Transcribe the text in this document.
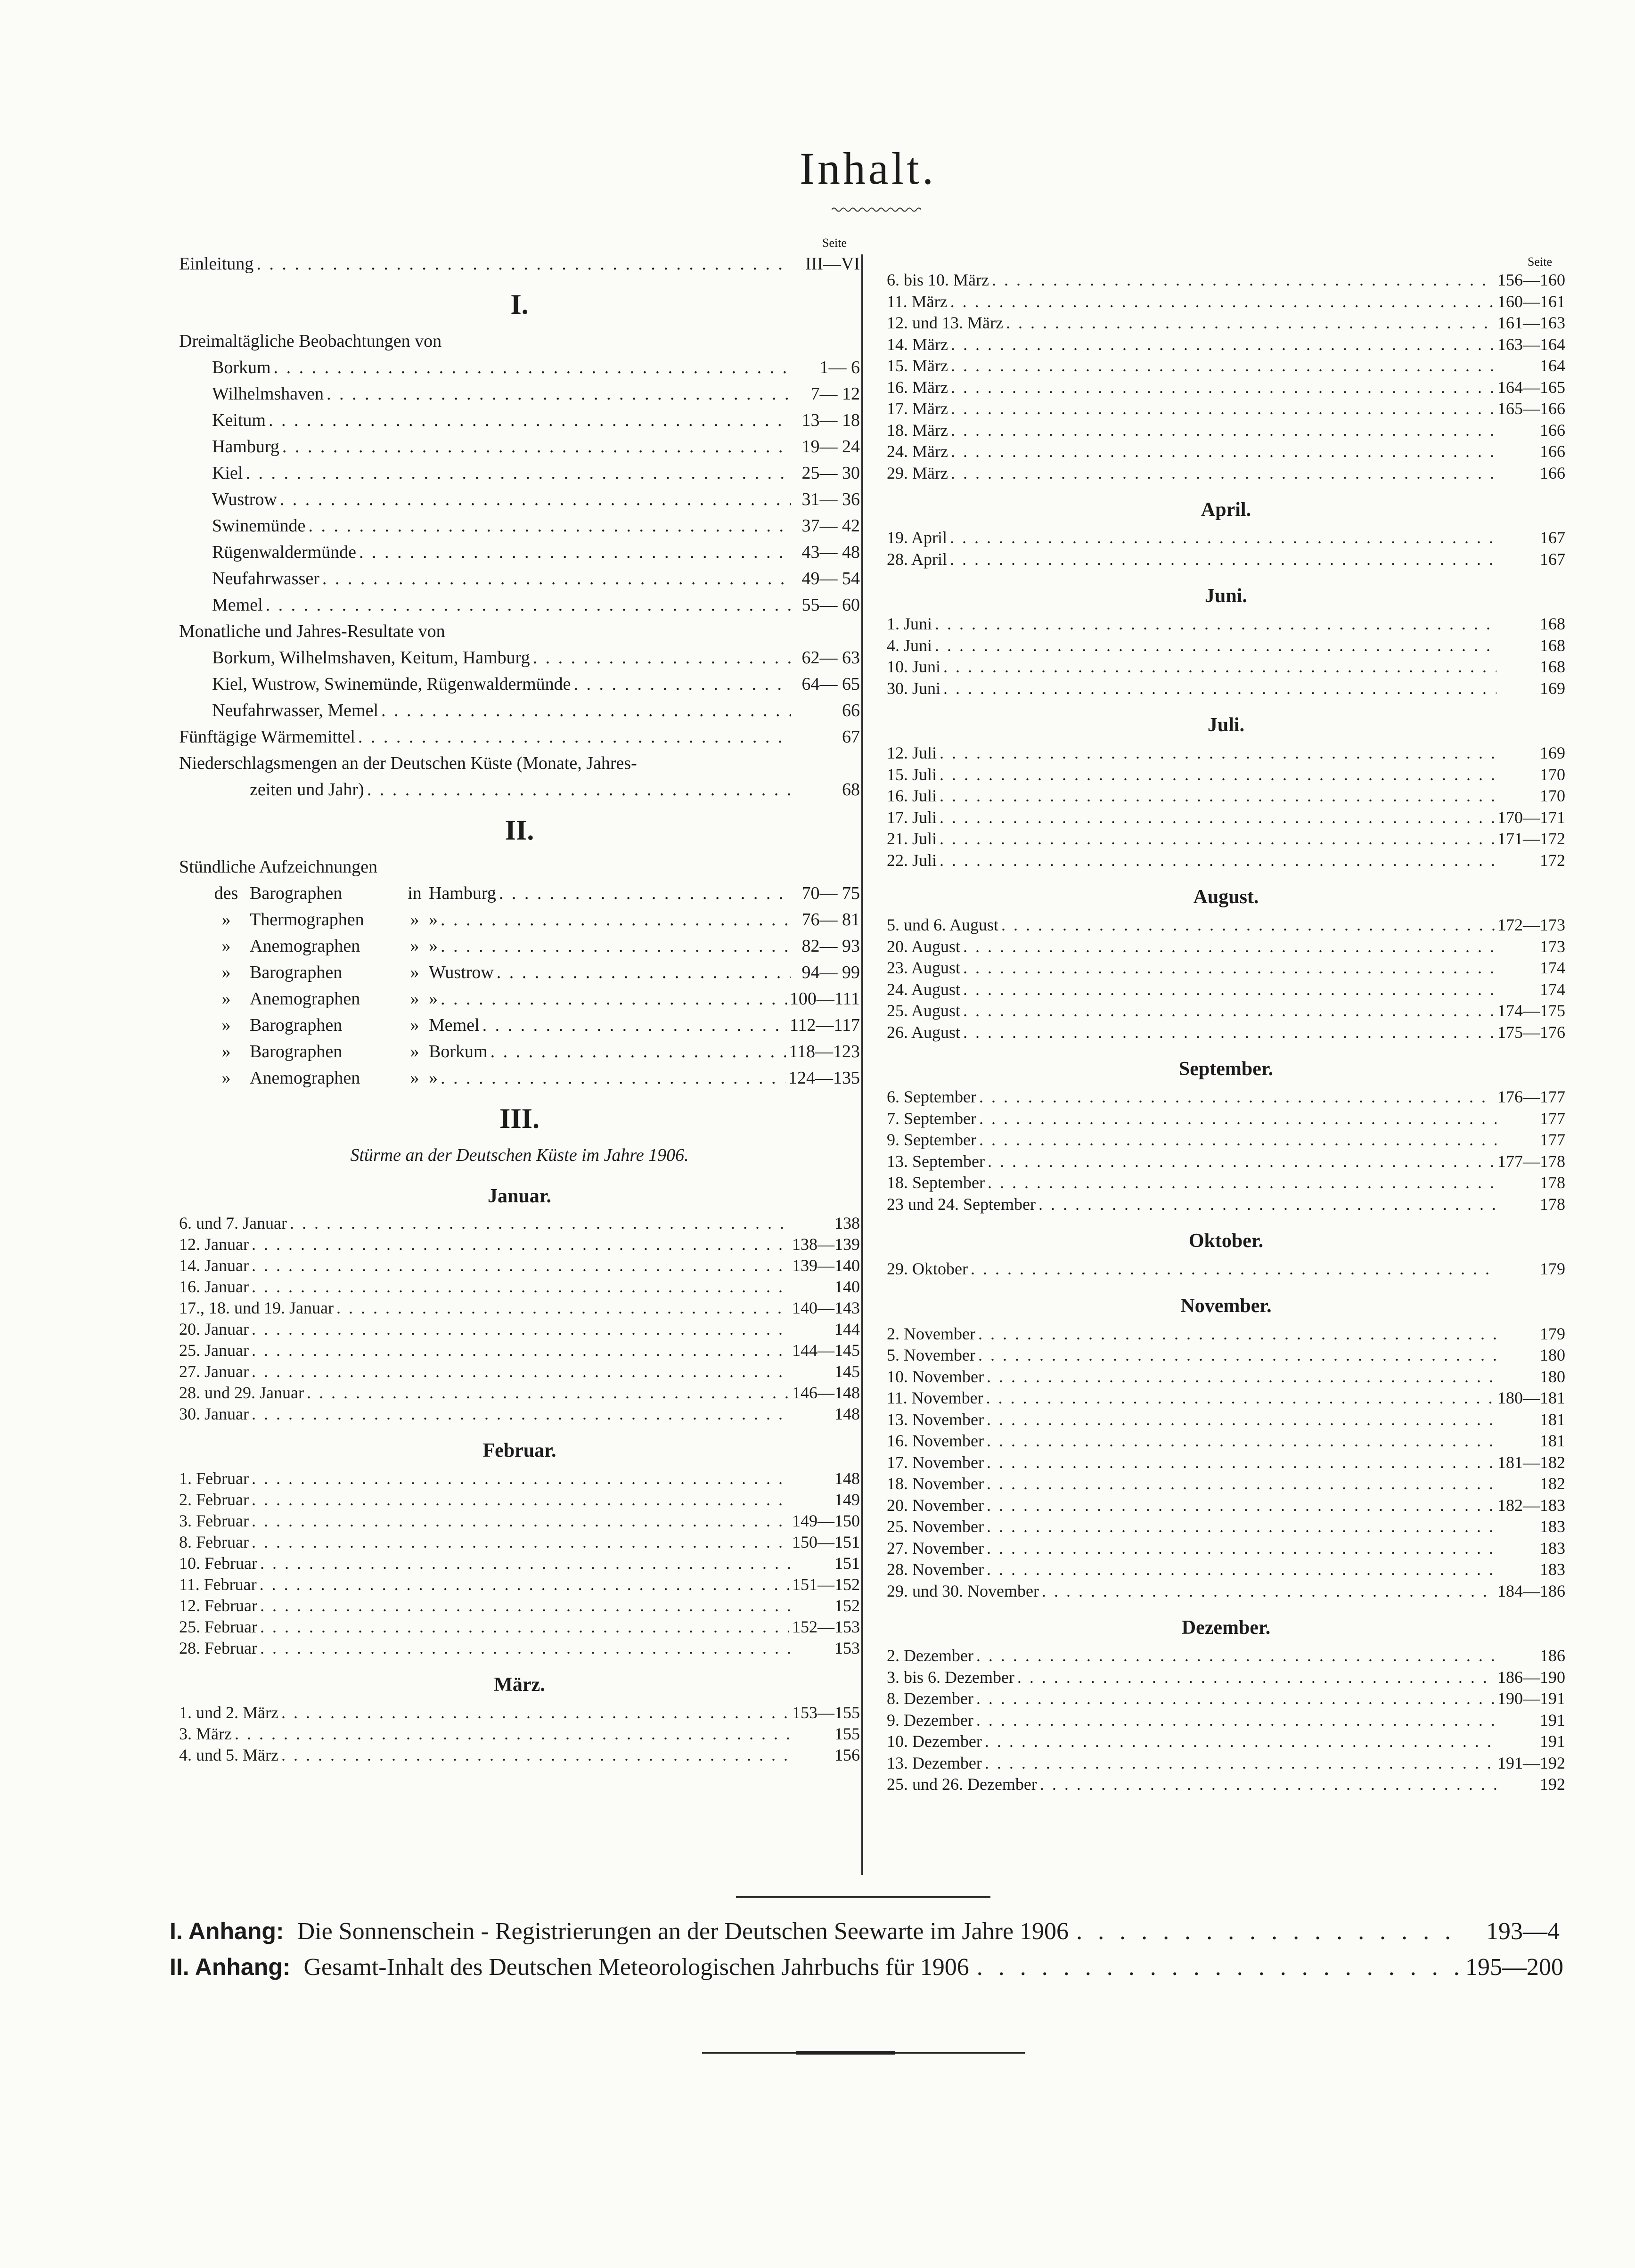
Inhalt.
Seite
Einleitung . . .	III—VI
I.
Dreimaltägliche Beobachtungen von
Borkum . . .	1— 6
Wilhelmshaven . . .	7— 12
Keitum . . .	13— 18
Hamburg . . .	19— 24
Kiel . . .	25— 30
Wustrow . . .	31— 36
Swinemünde . . .	37— 42
Rügenwaldermünde . . .	43— 48
Neufahrwasser . . .	49— 54
Memel . . .	55— 60
Monatliche und Jahres-Resultate von
Borkum, Wilhelmshaven, Keitum, Hamburg . . .	62— 63
Kiel, Wustrow, Swinemünde, Rügenwaldermünde . . .	64— 65
Neufahrwasser, Memel . . .	66
Fünftägige Wärmemittel . . .	67
Niederschlagsmengen an der Deutschen Küste (Monate, Jahres-
zeiten und Jahr) . . .	68
II.
Stündliche Aufzeichnungen
des Barographen	in Hamburg . . .	70— 75
» Thermographen	» » . . .	76— 81
» Anemographen	» » . . .	82— 93
» Barographen	» Wustrow . . .	94— 99
» Anemographen	» » . . .	100—111
» Barographen	» Memel . . .	112—117
» Barographen	» Borkum . . .	118—123
» Anemographen	» » . . .	124—135
III.
Stürme an der Deutschen Küste im Jahre 1906.
Januar.
6. und 7. Januar . . .	138
12. Januar . . .	138—139
14. Januar . . .	139—140
16. Januar . . .	140
17., 18. und 19. Januar . . .	140—143
20. Januar . . .	144
25. Januar . . .	144—145
27. Januar . . .	145
28. und 29. Januar . . .	146—148
30. Januar . . .	148
Februar.
1. Februar . . .	148
2. Februar . . .	149
3. Februar . . .	149—150
8. Februar . . .	150—151
10. Februar . . .	151
11. Februar . . .	151—152
12. Februar . . .	152
25. Februar . . .	152—153
28. Februar . . .	153
März.
1. und 2. März . . .	153—155
3. März . . .	155
4. und 5. März . . .	156
Seite
6. bis 10. März . . .	156—160
11. März . . .	160—161
12. und 13. März . . .	161—163
14. März . . .	163—164
15. März . . .	164
16. März . . .	164—165
17. März . . .	165—166
18. März . . .	166
24. März . . .	166
29. März . . .	166
April.
19. April . . .	167
28. April . . .	167
Juni.
1. Juni . . .	168
4. Juni . . .	168
10. Juni . . .	168
30. Juni . . .	169
Juli.
12. Juli . . .	169
15. Juli . . .	170
16. Juli . . .	170
17. Juli . . .	170—171
21. Juli . . .	171—172
22. Juli . . .	172
August.
5. und 6. August . . .	172—173
20. August . . .	173
23. August . . .	174
24. August . . .	174
25. August . . .	174—175
26. August . . .	175—176
September.
6. September . . .	176—177
7. September . . .	177
9. September . . .	177
13. September . . .	177—178
18. September . . .	178
23 und 24. September . . .	178
Oktober.
29. Oktober . . .	179
November.
2. November . . .	179
5. November . . .	180
10. November . . .	180
11. November . . .	180—181
13. November . . .	181
16. November . . .	181
17. November . . .	181—182
18. November . . .	182
20. November . . .	182—183
25. November . . .	183
27. November . . .	183
28. November . . .	183
29. und 30. November . . .	184—186
Dezember.
2. Dezember . . .	186
3. bis 6. Dezember . . .	186—190
8. Dezember . . .	190—191
9. Dezember . . .	191
10. Dezember . . .	191
13. Dezember . . .	191—192
25. und 26. Dezember . . .	192
I. Anhang: Die Sonnenschein - Registrierungen an der Deutschen Seewarte im Jahre 1906 . . .	193—4
II. Anhang: Gesamt-Inhalt des Deutschen Meteorologischen Jahrbuchs für 1906 . . .	195—200
